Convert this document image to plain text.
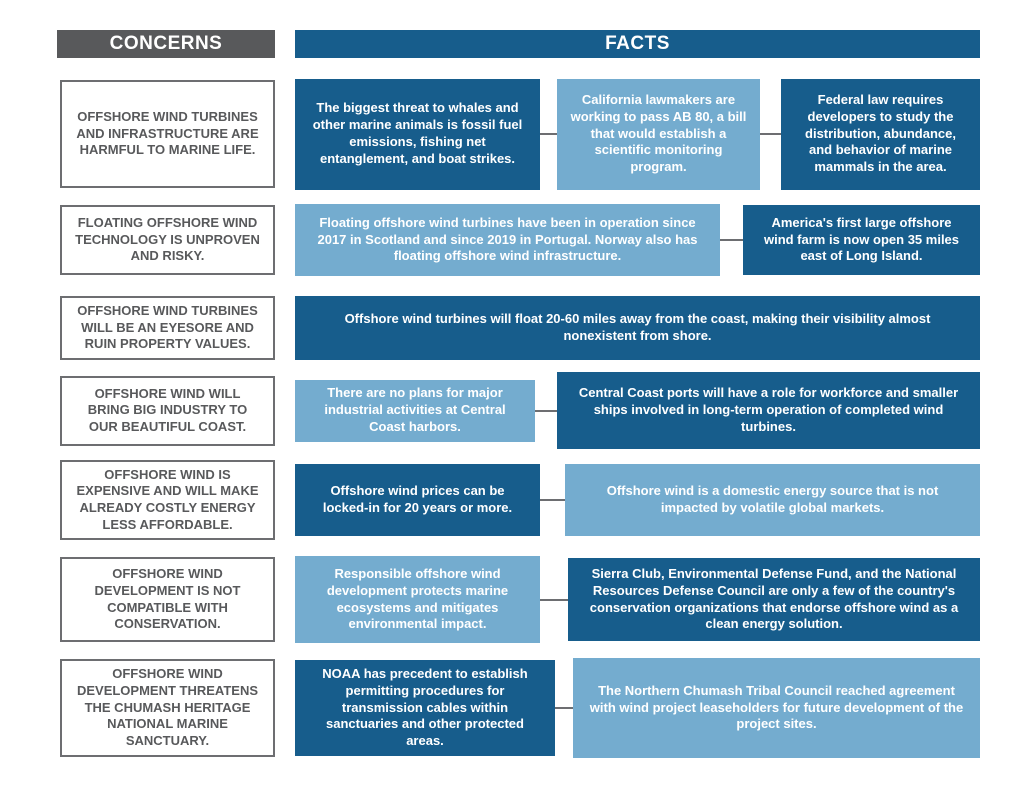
CONCERNS	FACTS
OFFSHORE WIND TURBINES AND INFRASTRUCTURE ARE HARMFUL TO MARINE LIFE.
The biggest threat to whales and other marine animals is fossil fuel emissions, fishing net entanglement, and boat strikes.
California lawmakers are working to pass AB 80, a bill that would establish a scientific monitoring program.
Federal law requires developers to study the distribution, abundance, and behavior of marine mammals in the area.
FLOATING OFFSHORE WIND TECHNOLOGY IS UNPROVEN AND RISKY.
Floating offshore wind turbines have been in operation since 2017 in Scotland and since 2019 in Portugal. Norway also has floating offshore wind infrastructure.
America's first large offshore wind farm is now open 35 miles east of Long Island.
OFFSHORE WIND TURBINES WILL BE AN EYESORE AND RUIN PROPERTY VALUES.
Offshore wind turbines will float 20-60 miles away from the coast, making their visibility almost nonexistent from shore.
OFFSHORE WIND WILL BRING BIG INDUSTRY TO OUR BEAUTIFUL COAST.
There are no plans for major industrial activities at Central Coast harbors.
Central Coast ports will have a role for workforce and smaller ships involved in long-term operation of completed wind turbines.
OFFSHORE WIND IS EXPENSIVE AND WILL MAKE ALREADY COSTLY ENERGY LESS AFFORDABLE.
Offshore wind prices can be locked-in for 20 years or more.
Offshore wind is a domestic energy source that is not impacted by volatile global markets.
OFFSHORE WIND DEVELOPMENT IS NOT COMPATIBLE WITH CONSERVATION.
Responsible offshore wind development protects marine ecosystems and mitigates environmental impact.
Sierra Club, Environmental Defense Fund, and the National Resources Defense Council are only a few of the country's conservation organizations that endorse offshore wind as a clean energy solution.
OFFSHORE WIND DEVELOPMENT THREATENS THE CHUMASH HERITAGE NATIONAL MARINE SANCTUARY.
NOAA has precedent to establish permitting procedures for transmission cables within sanctuaries and other protected areas.
The Northern Chumash Tribal Council reached agreement with wind project leaseholders for future development of the project sites.
